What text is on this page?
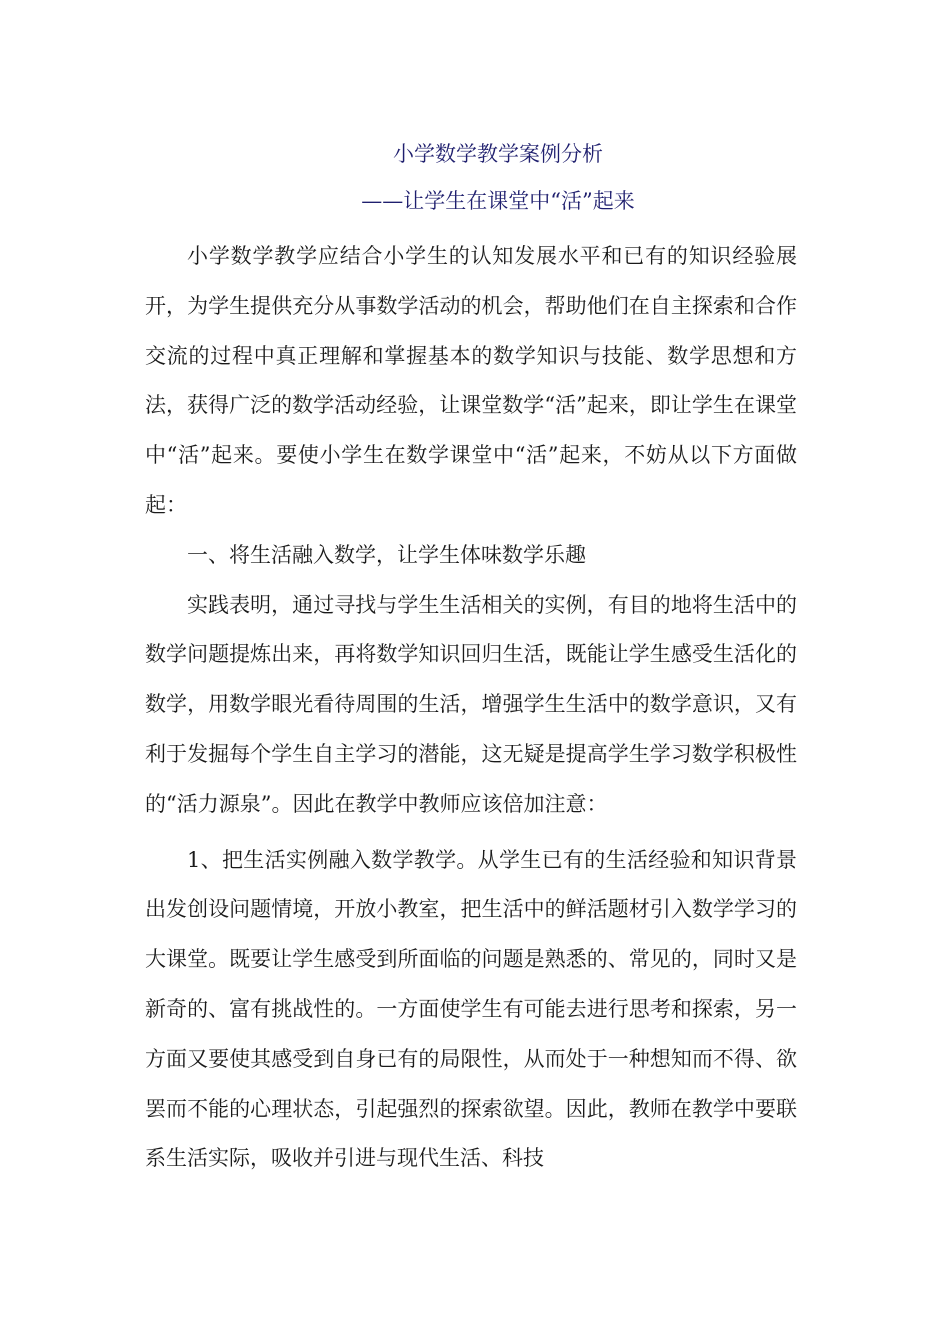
小学数学教学案例分析
——让学生在课堂中“活”起来

小学数学教学应结合小学生的认知发展水平和已有的知识经验展开，为学生提供充分从事数学活动的机会，帮助他们在自主探索和合作交流的过程中真正理解和掌握基本的数学知识与技能、数学思想和方法，获得广泛的数学活动经验，让课堂数学“活”起来，即让学生在课堂中“活”起来。要使小学生在数学课堂中“活”起来，不妨从以下方面做起：

一、将生活融入数学，让学生体味数学乐趣

实践表明，通过寻找与学生生活相关的实例，有目的地将生活中的数学问题提炼出来，再将数学知识回归生活，既能让学生感受生活化的数学，用数学眼光看待周围的生活，增强学生生活中的数学意识，又有利于发掘每个学生自主学习的潜能，这无疑是提高学生学习数学积极性的“活力源泉”。因此在教学中教师应该倍加注意：

1、把生活实例融入数学教学。从学生已有的生活经验和知识背景出发创设问题情境，开放小教室，把生活中的鲜活题材引入数学学习的大课堂。既要让学生感受到所面临的问题是熟悉的、常见的，同时又是新奇的、富有挑战性的。一方面使学生有可能去进行思考和探索，另一方面又要使其感受到自身已有的局限性，从而处于一种想知而不得、欲罢而不能的心理状态，引起强烈的探索欲望。因此，教师在教学中要联系生活实际，吸收并引进与现代生活、科技
